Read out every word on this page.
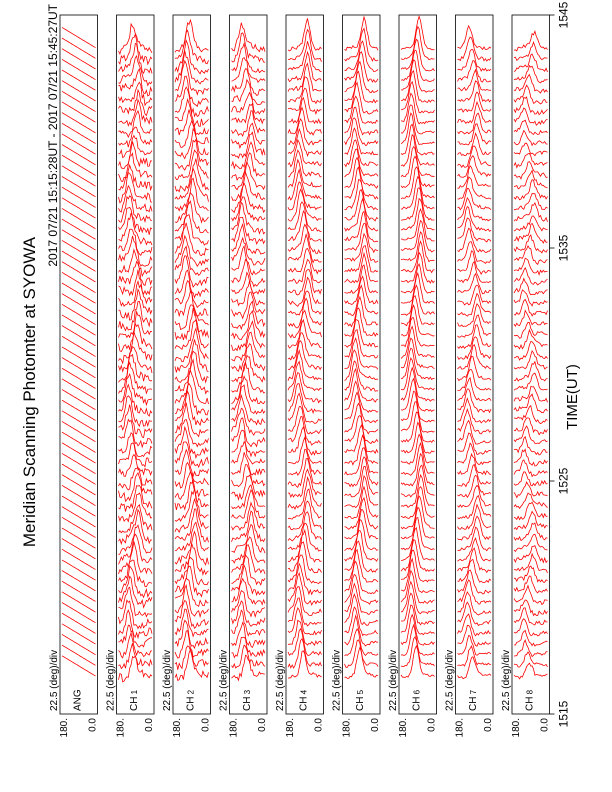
Meridian Scanning Photomter at SYOWA
2017 07/21 15:15:28UT - 2017 07/21 15:45:27UT
TIME(UT)
180. 0.0
ANG
22.5 (deg)/div
180. 0.0
CH 1
22.5 (deg)/div
180. 0.0
CH 2
22.5 (deg)/div
180. 0.0
CH 3
22.5 (deg)/div
180. 0.0
CH 4
22.5 (deg)/div
180. 0.0
CH 5
22.5 (deg)/div
180. 0.0
CH 6
22.5 (deg)/div
180. 0.0
CH 7
22.5 (deg)/div
180. 0.0
CH 8
22.5 (deg)/div
1515
1525
1535
1545
